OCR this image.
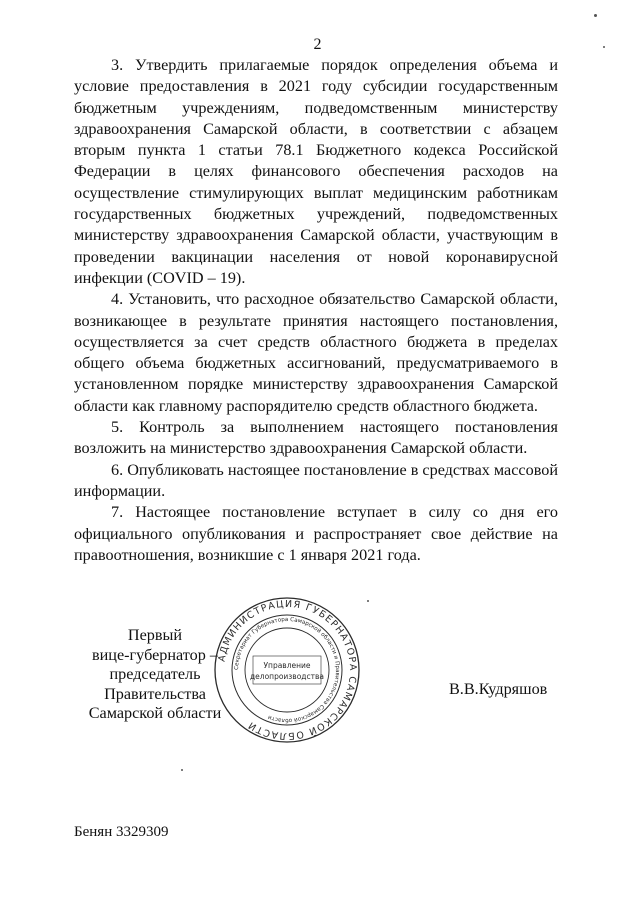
2

3. Утвердить прилагаемые порядок определения объема и условие предоставления в 2021 году субсидии государственным бюджетным учреждениям, подведомственным министерству здравоохранения Самарской области, в соответствии с абзацем вторым пункта 1 статьи 78.1 Бюджетного кодекса Российской Федерации в целях финансового обеспечения расходов на осуществление стимулирующих выплат медицинским работникам государственных бюджетных учреждений, подведомственных министерству здравоохранения Самарской области, участвующим в проведении вакцинации населения от новой коронавирусной инфекции (COVID – 19).

4. Установить, что расходное обязательство Самарской области, возникающее в результате принятия настоящего постановления, осуществляется за счет средств областного бюджета в пределах общего объема бюджетных ассигнований, предусматриваемого в установленном порядке министерству здравоохранения Самарской области как главному распорядителю средств областного бюджета.

5. Контроль за выполнением настоящего постановления возложить на министерство здравоохранения Самарской области.

6. Опубликовать настоящее постановление в средствах массовой информации.

7. Настоящее постановление вступает в силу со дня его официального опубликования и распространяет свое действие на правоотношения, возникшие с 1 января 2021 года.

Первый
вице-губернатор –
председатель Правительства
Самарской области
АДМИНИСТРАЦИЯ ГУБЕРНАТОРА САМАРСКОЙ ОБЛАСТИ
Секретариат Губернатора Самарской области и Правительства Самарской области
Управление
делопроизводства
В.В.Кудряшов
Бенян 3329309
